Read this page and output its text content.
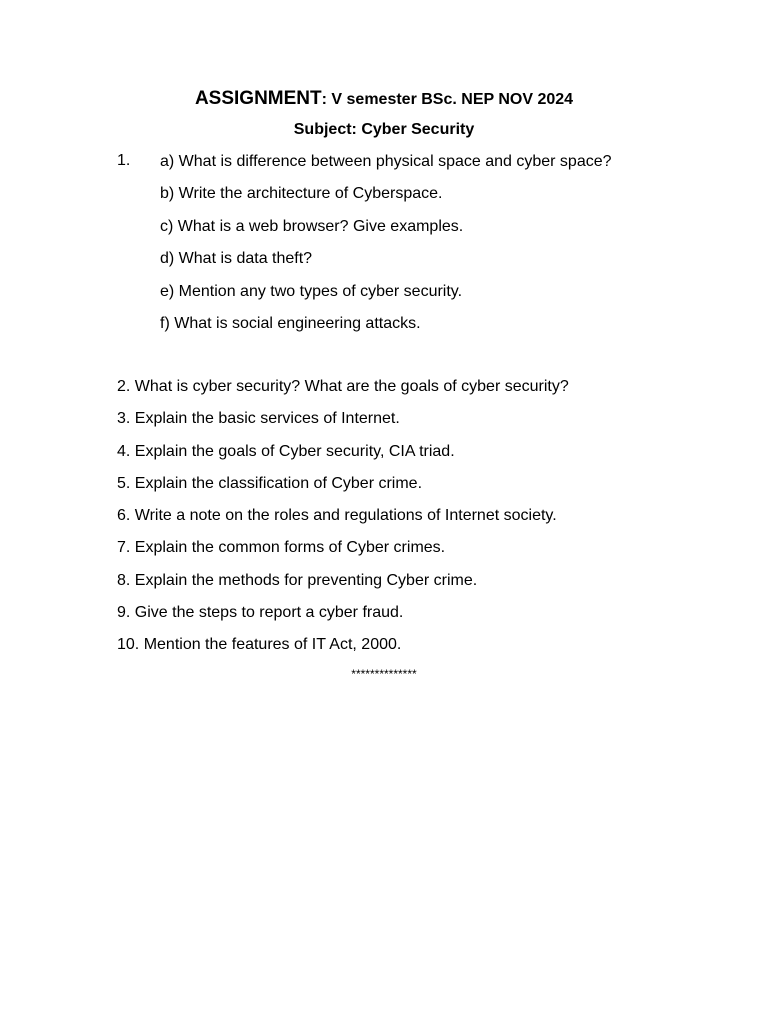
ASSIGNMENT: V semester BSc. NEP NOV 2024
Subject: Cyber Security
1. a) What is difference between physical space and cyber space?
b) Write the architecture of Cyberspace.
c) What is a web browser? Give examples.
d) What is data theft?
e) Mention any two types of cyber security.
f) What is social engineering attacks.
2. What is cyber security? What are the goals of cyber security?
3. Explain the basic services of Internet.
4. Explain the goals of Cyber security, CIA triad.
5. Explain the classification of Cyber crime.
6. Write a note on the roles and regulations of Internet society.
7. Explain the common forms of Cyber crimes.
8. Explain the methods for preventing Cyber crime.
9. Give the steps to report a cyber fraud.
10. Mention the features of IT Act, 2000.
**************
